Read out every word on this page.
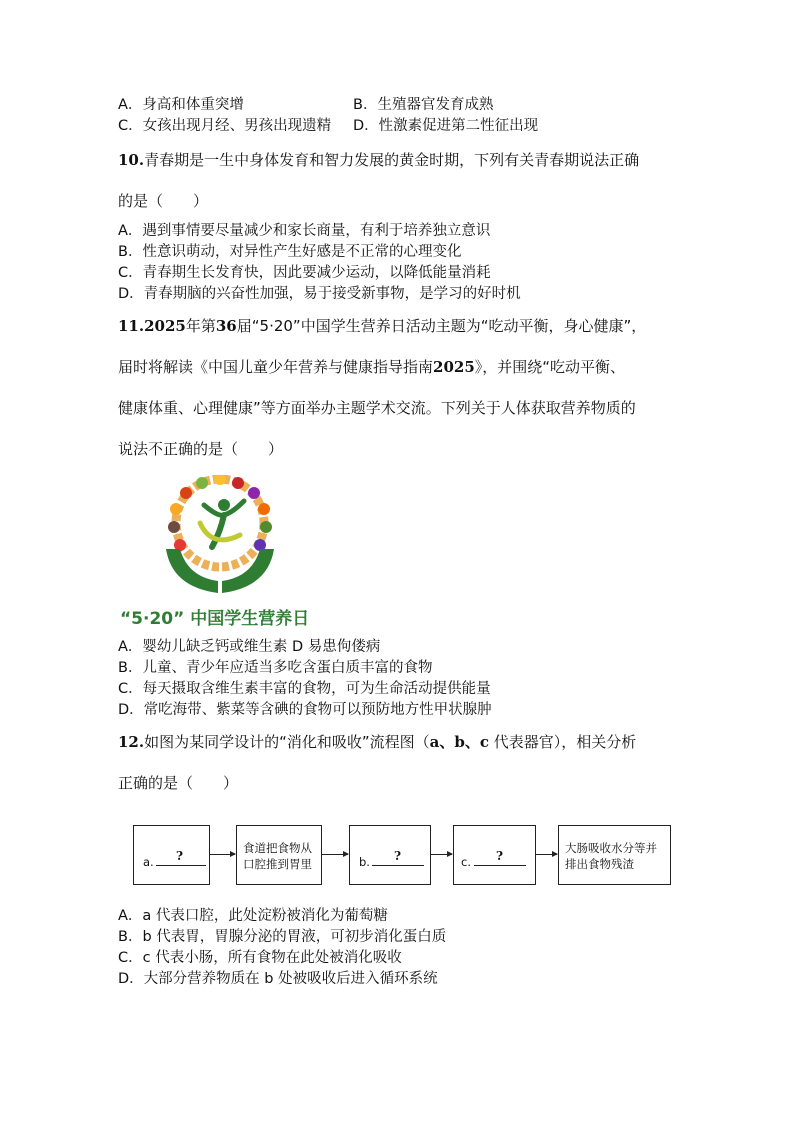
A．身高和体重突增	B．生殖器官发育成熟
C．女孩出现月经、男孩出现遗精 D．性激素促进第二性征出现
10.青春期是一生中身体发育和智力发展的黄金时期，下列有关青春期说法正确
的是（　　）
A．遇到事情要尽量减少和家长商量，有利于培养独立意识
B．性意识萌动，对异性产生好感是不正常的心理变化
C．青春期生长发育快，因此要减少运动，以降低能量消耗
D．青春期脑的兴奋性加强，易于接受新事物，是学习的好时机
11.2025年第36届“5·20”中国学生营养日活动主题为“吃动平衡，身心健康”，
届时将解读《中国儿童少年营养与健康指导指南2025》，并围绕“吃动平衡、
健康体重、心理健康”等方面举办主题学术交流。下列关于人体获取营养物质的
说法不正确的是（　　）
“5·20” 中国学生营养日
A．婴幼儿缺乏钙或维生素 D 易患佝偻病
B．儿童、青少年应适当多吃含蛋白质丰富的食物
C．每天摄取含维生素丰富的食物，可为生命活动提供能量
D．常吃海带、紫菜等含碘的食物可以预防地方性甲状腺肿
12.如图为某同学设计的“消化和吸收”流程图（a、b、c 代表器官），相关分析
正确的是（　　）
a. ?
食道把食物从
口腔推到胃里	b. ?	c. ?
大肠吸收水分等并
排出食物残渣
A．a 代表口腔，此处淀粉被消化为葡萄糖
B．b 代表胃，胃腺分泌的胃液，可初步消化蛋白质
C．c 代表小肠，所有食物在此处被消化吸收
D．大部分营养物质在 b 处被吸收后进入循环系统
